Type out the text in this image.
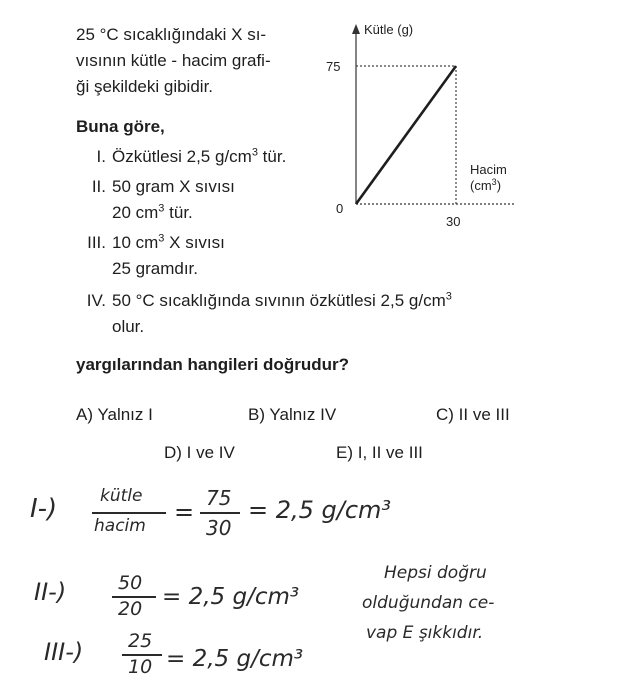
25 °C sıcaklığındaki X sı-
vısının kütle - hacim grafi-
ği şekildeki gibidir.
Kütle (g)
Hacim
$(cm^3)$
0
75
30
Buna göre,
I. Özkütlesi 2,5 $g/cm^3$ tür.
II. 50 gram X sıvısı
20 $cm^3$ tür.
III. 10 $cm^3$ X sıvısı
25 gramdır.
IV. 50 °C sıcaklığında sıvının özkütlesi 2,5 $g/cm^3$
olur.
yargılarından hangileri doğrudur?
A) Yalnız I	B) Yalnız IV	C) II ve III
D) I ve IV	E) I, II ve III
I-)	kütle
hacim = 75
30
= 2,5 g/cm³
II-)	50
20 = 2,5 g/cm³
III-) 25
10 = 2,5 g/cm³
Hepsi doğru
olduğundan ce-
vap E şıkkıdır.
